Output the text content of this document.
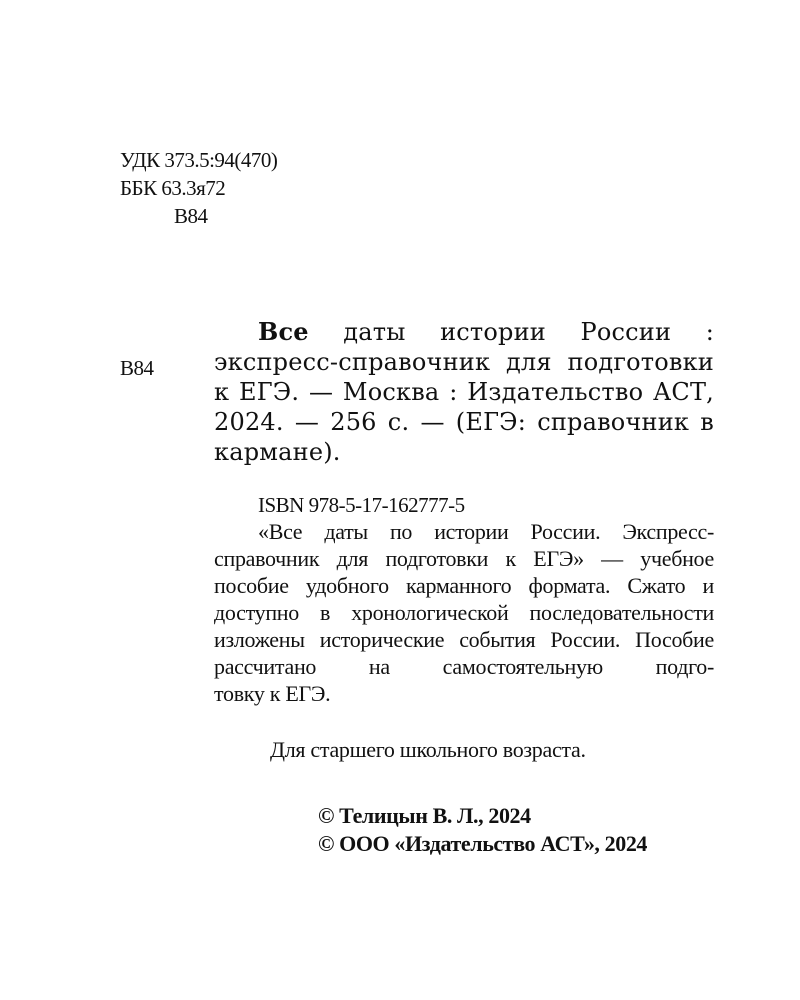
УДК 373.5:94(470)
ББК 63.3я72
В84
В84
Все даты истории России : экспресс-справочник для подготовки к ЕГЭ. — Москва : Издательство АСТ, 2024. — 256 с. — (ЕГЭ: справочник в кармане).
ISBN 978-5-17-162777-5
«Все даты по истории России. Экспресс-справочник для подготовки к ЕГЭ» — учебное пособие удобного карманного формата. Сжато и доступно в хронологической последовательности изложены исторические события России. Пособие рассчитано на самостоятельную подго-
товку к ЕГЭ.
Для старшего школьного возраста.
© Телицын В. Л., 2024
© ООО «Издательство АСТ», 2024
